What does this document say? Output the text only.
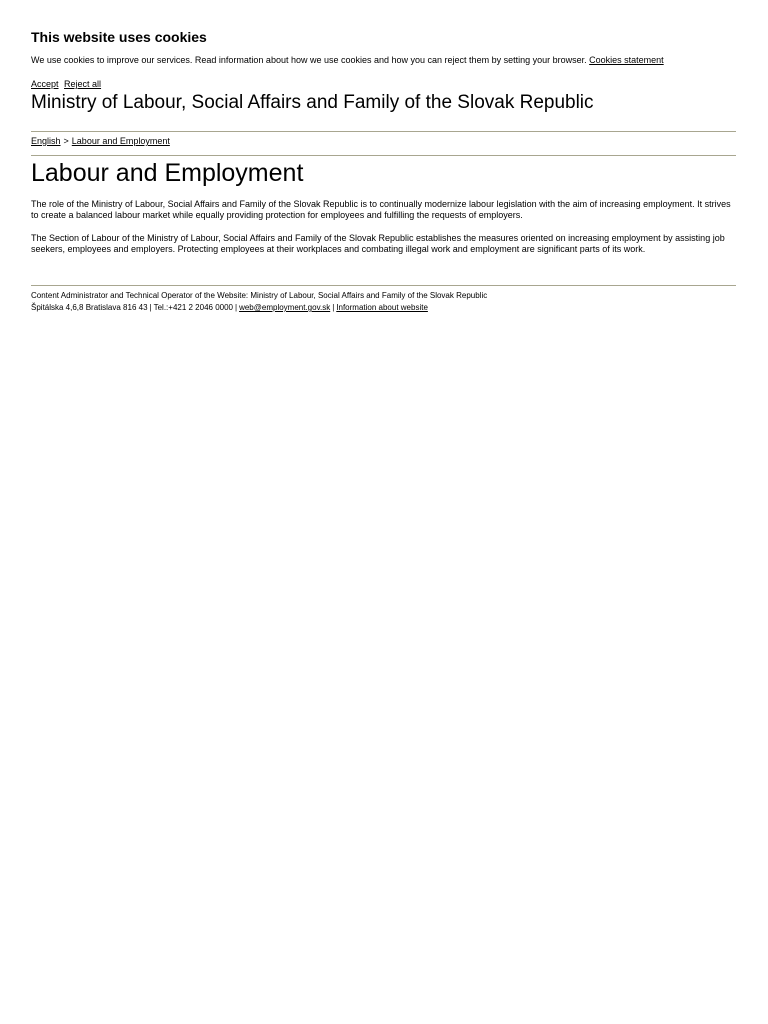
This website uses cookies

We use cookies to improve our services. Read information about how we use cookies and how you can reject them by setting your browser. Cookies statement

Accept Reject all
Ministry of Labour, Social Affairs and Family of the Slovak Republic
English > Labour and Employment
Labour and Employment

The role of the Ministry of Labour, Social Affairs and Family of the Slovak Republic is to continually modernize labour legislation with the aim of increasing employment. It strives to create a balanced labour market while equally providing protection for employees and fulfilling the requests of employers.

The Section of Labour of the Ministry of Labour, Social Affairs and Family of the Slovak Republic establishes the measures oriented on increasing employment by assisting job seekers, employees and employers. Protecting employees at their workplaces and combating illegal work and employment are significant parts of its work.

Content Administrator and Technical Operator of the Website: Ministry of Labour, Social Affairs and Family of the Slovak Republic

Špitálska 4,6,8 Bratislava 816 43 | Tel.:+421 2 2046 0000 | web@employment.gov.sk | Information about website
